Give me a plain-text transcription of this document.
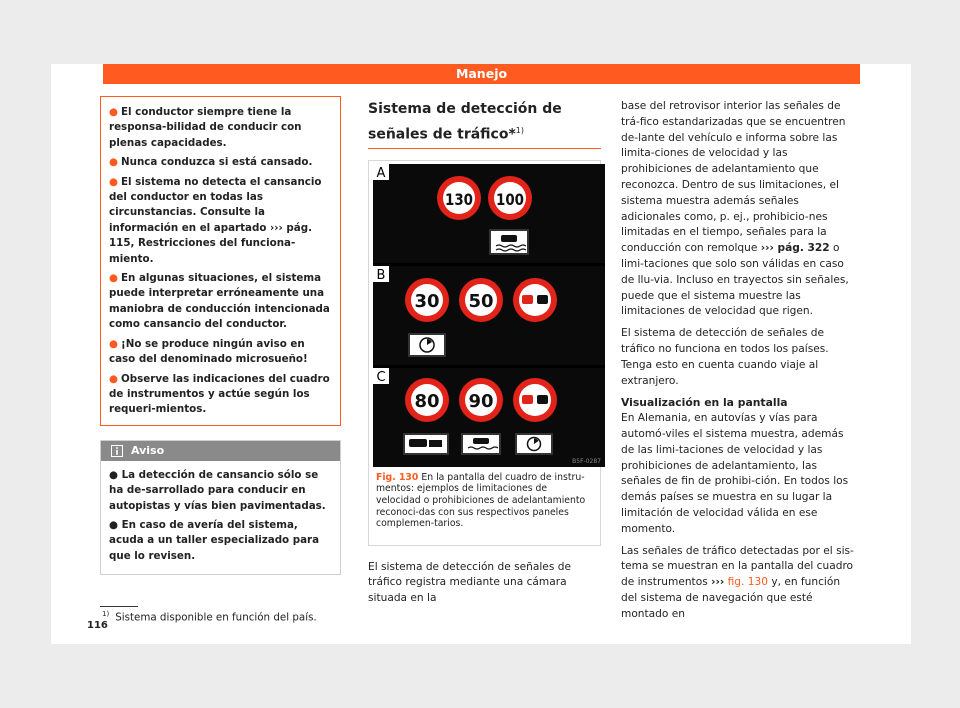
Manejo

● El conductor siempre tiene la responsa-bilidad de conducir con plenas capacidades.

● Nunca conduzca si está cansado.

● El sistema no detecta el cansancio del conductor en todas las circunstancias. Consulte la información en el apartado ››› pág. 115, Restricciones del funciona-miento.

● En algunas situaciones, el sistema puede interpretar erróneamente una maniobra de conducción intencionada como cansancio del conductor.

● ¡No se produce ningún aviso en caso del denominado microsueño!

● Observe las indicaciones del cuadro de instrumentos y actúe según los requeri-mientos.

Aviso

● La detección de cansancio sólo se ha de-sarrollado para conducir en autopistas y vías bien pavimentadas.

● En caso de avería del sistema, acuda a un taller especializado para que lo revisen.

Sistema de detección de señales de tráfico*$^{1)}$
A
130 100
B
30 50
C
80 90
B5F-0287
Fig. 130 En la pantalla del cuadro de instru-mentos: ejemplos de limitaciones de velocidad o prohibiciones de adelantamiento reconoci-das con sus respectivos paneles complemen-tarios.
El sistema de detección de señales de tráfico registra mediante una cámara situada en la

base del retrovisor interior las señales de trá-fico estandarizadas que se encuentren de-lante del vehículo e informa sobre las limita-ciones de velocidad y las prohibiciones de adelantamiento que reconozca. Dentro de sus limitaciones, el sistema muestra además señales adicionales como, p. ej., prohibicio-nes limitadas en el tiempo, señales para la conducción con remolque ››› pág. 322 o limi-taciones que solo son válidas en caso de llu-via. Incluso en trayectos sin señales, puede que el sistema muestre las limitaciones de velocidad que rigen.

El sistema de detección de señales de tráfico no funciona en todos los países. Tenga esto en cuenta cuando viaje al extranjero.

Visualización en la pantalla

En Alemania, en autovías y vías para automó-viles el sistema muestra, además de las limi-taciones de velocidad y las prohibiciones de adelantamiento, las señales de fin de prohibi-ción. En todos los demás países se muestra en su lugar la limitación de velocidad válida en ese momento.

Las señales de tráfico detectadas por el sis-tema se muestran en la pantalla del cuadro de instrumentos ››› fig. 130 y, en función del sistema de navegación que esté montado en

$^{1)}$ Sistema disponible en función del país.
116
